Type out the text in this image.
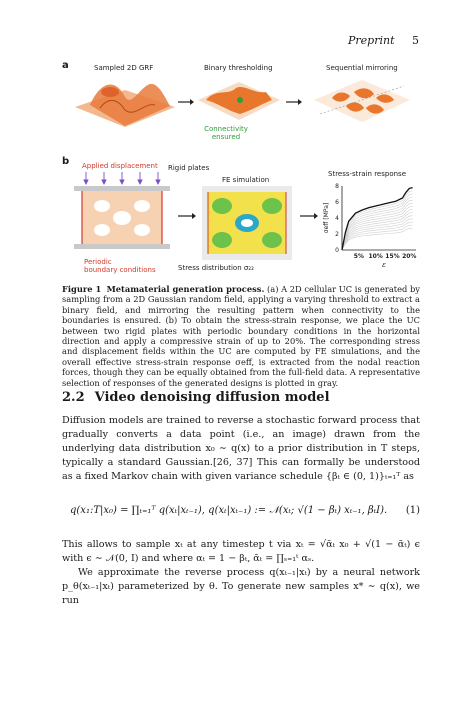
Preprint 5
a	Sampled 2D GRF	Binary thresholding	Sequential mirroring
Connectivity ensured
b Applied displacement Rigid plates
FE simulation
Stress-strain response
Periodic
boundary conditions	Stress distribution σ₂₂
0
2
4
6
8
5% 10% 15% 20%
ε
σeff [MPa]
Figure 1 Metamaterial generation process. (a) A 2D cellular UC is generated by sampling from a 2D Gaussian random field, applying a varying threshold to extract a binary field, and mirroring the resulting pattern when connectivity to the boundaries is ensured. (b) To obtain the stress-strain response, we place the UC between two rigid plates with periodic boundary conditions in the horizontal direction and apply a compressive strain of up to 20%. The corresponding stress and displacement fields within the UC are computed by FE simulations, and the overall effective stress-strain response σeff, is extracted from the nodal reaction forces, though they can be equally obtained from the full-field data. A representative selection of responses of the generated designs is plotted in gray.
2.2 Video denoising diffusion model
Diffusion models are trained to reverse a stochastic forward process that gradually converts a data point (i.e., an image) drawn from the underlying data distribution x₀ ∼ q(x) to a prior distribution in T steps, typically a standard Gaussian.[26, 37] This can formally be understood as a fixed Markov chain with given variance schedule {βₜ ∈ (0, 1)}ₜ₌₁ᵀ as
q(x₁:T|x₀) = ∏ₜ₌₁ᵀ q(xₜ|xₜ₋₁), q(xₜ|xₜ₋₁) := 𝒩(xₜ; √(1 − βₜ) xₜ₋₁, βₜI). (1)
This allows to sample xₜ at any timestep t via xₜ = √ᾱₜ x₀ + √(1 − ᾱₜ) ϵ with ϵ ∼ 𝒩(0, I) and where αₜ = 1 − βₜ, ᾱₜ = ∏ₛ₌₁ᵗ αₛ.
We approximate the reverse process q(xₜ₋₁|xₜ) by a neural network p_θ(xₜ₋₁|xₜ) parameterized by θ. To generate new samples x* ∼ q(x), we run
